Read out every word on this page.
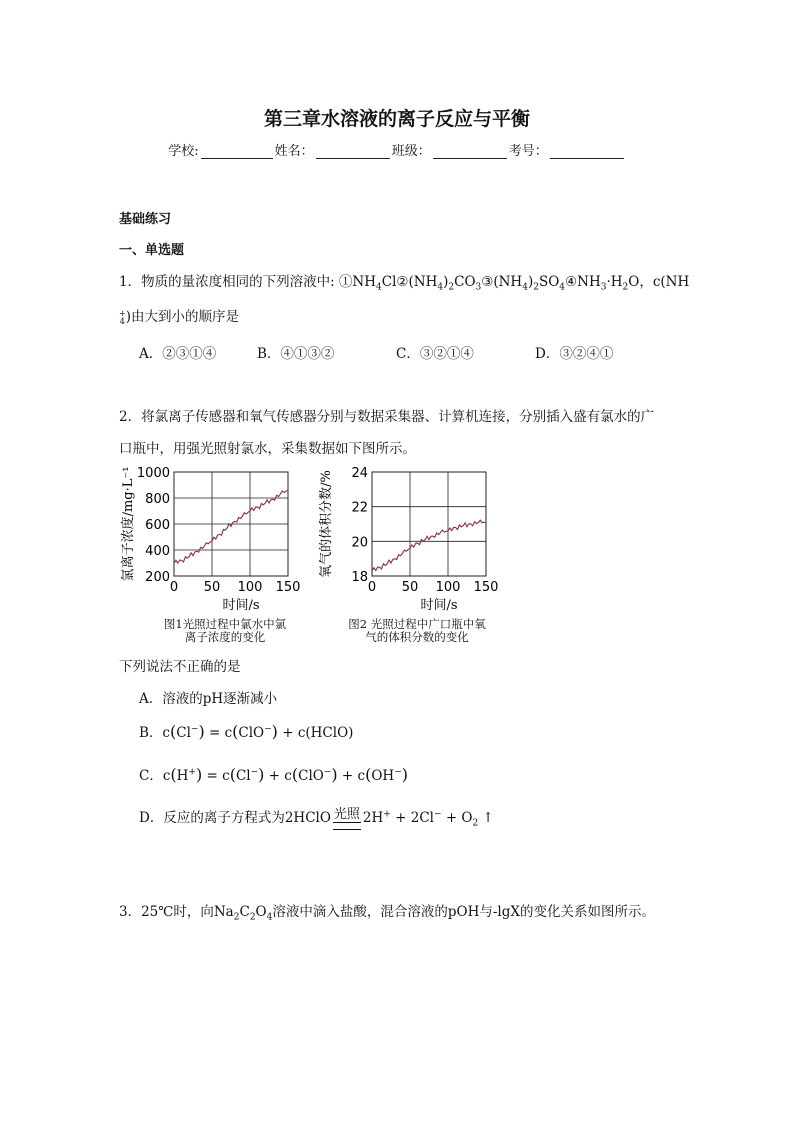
第三章水溶液的离子反应与平衡
学校:	姓名：	班级：	考号：
基础练习
一、单选题
1．物质的量浓度相同的下列溶液中: $①NH_4Cl②(NH_4)_2CO_3③(NH_4)_2SO_4④NH_3\cdot H_2O$，c(NH
+
4)由大到小的顺序是
A．②③①④	B．④①③②	C．③②①④	D．③②④①
2．将氯离子传感器和氧气传感器分别与数据采集器、计算机连接，分别插入盛有氯水的广
口瓶中，用强光照射氯水，采集数据如下图所示。
0 50 100 150
200
400
600
800
1000
时间/s
氯离子浓度/mg·L⁻¹
图1光照过程中氯水中氯
离子浓度的变化
0 50 100 150
18
20
22
24
时间/s
氧气的体积分数/%
图2 光照过程中广口瓶中氧
气的体积分数的变化
下列说法不正确的是
A．溶液的pH逐渐减小
B．c(Cl−) = c(ClO−) + c(HClO)
C．c(H+) = c(Cl−) + c(ClO−) + c(OH−)
D．反应的离子方程式为2HClO 光照 $2H^+ + 2Cl^- + O_2$ ↑
3．25℃时，向$Na_2C_2O_4$溶液中滴入盐酸，混合溶液的pOH与-lgX的变化关系如图所示。
